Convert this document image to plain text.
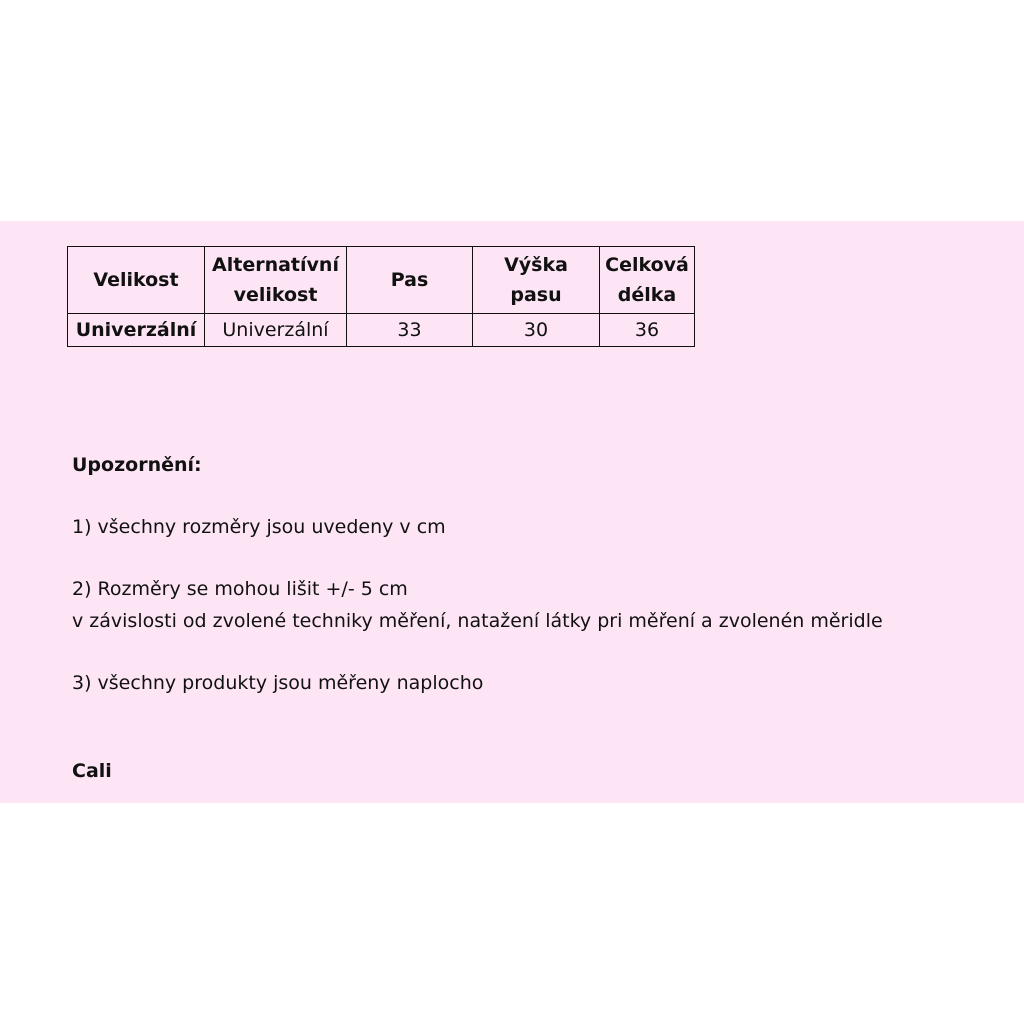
Velikost	Alternatívní velikost	Pas	Výška pasu	Celková délka
Univerzální	Univerzální	33	30	36

Upozornění:

1) všechny rozměry jsou uvedeny v cm

2) Rozměry se mohou lišit +/- 5 cm

v závislosti od zvolené techniky měření, natažení látky pri měření a zvolenén měridle

3) všechny produkty jsou měřeny naplocho

Cali
